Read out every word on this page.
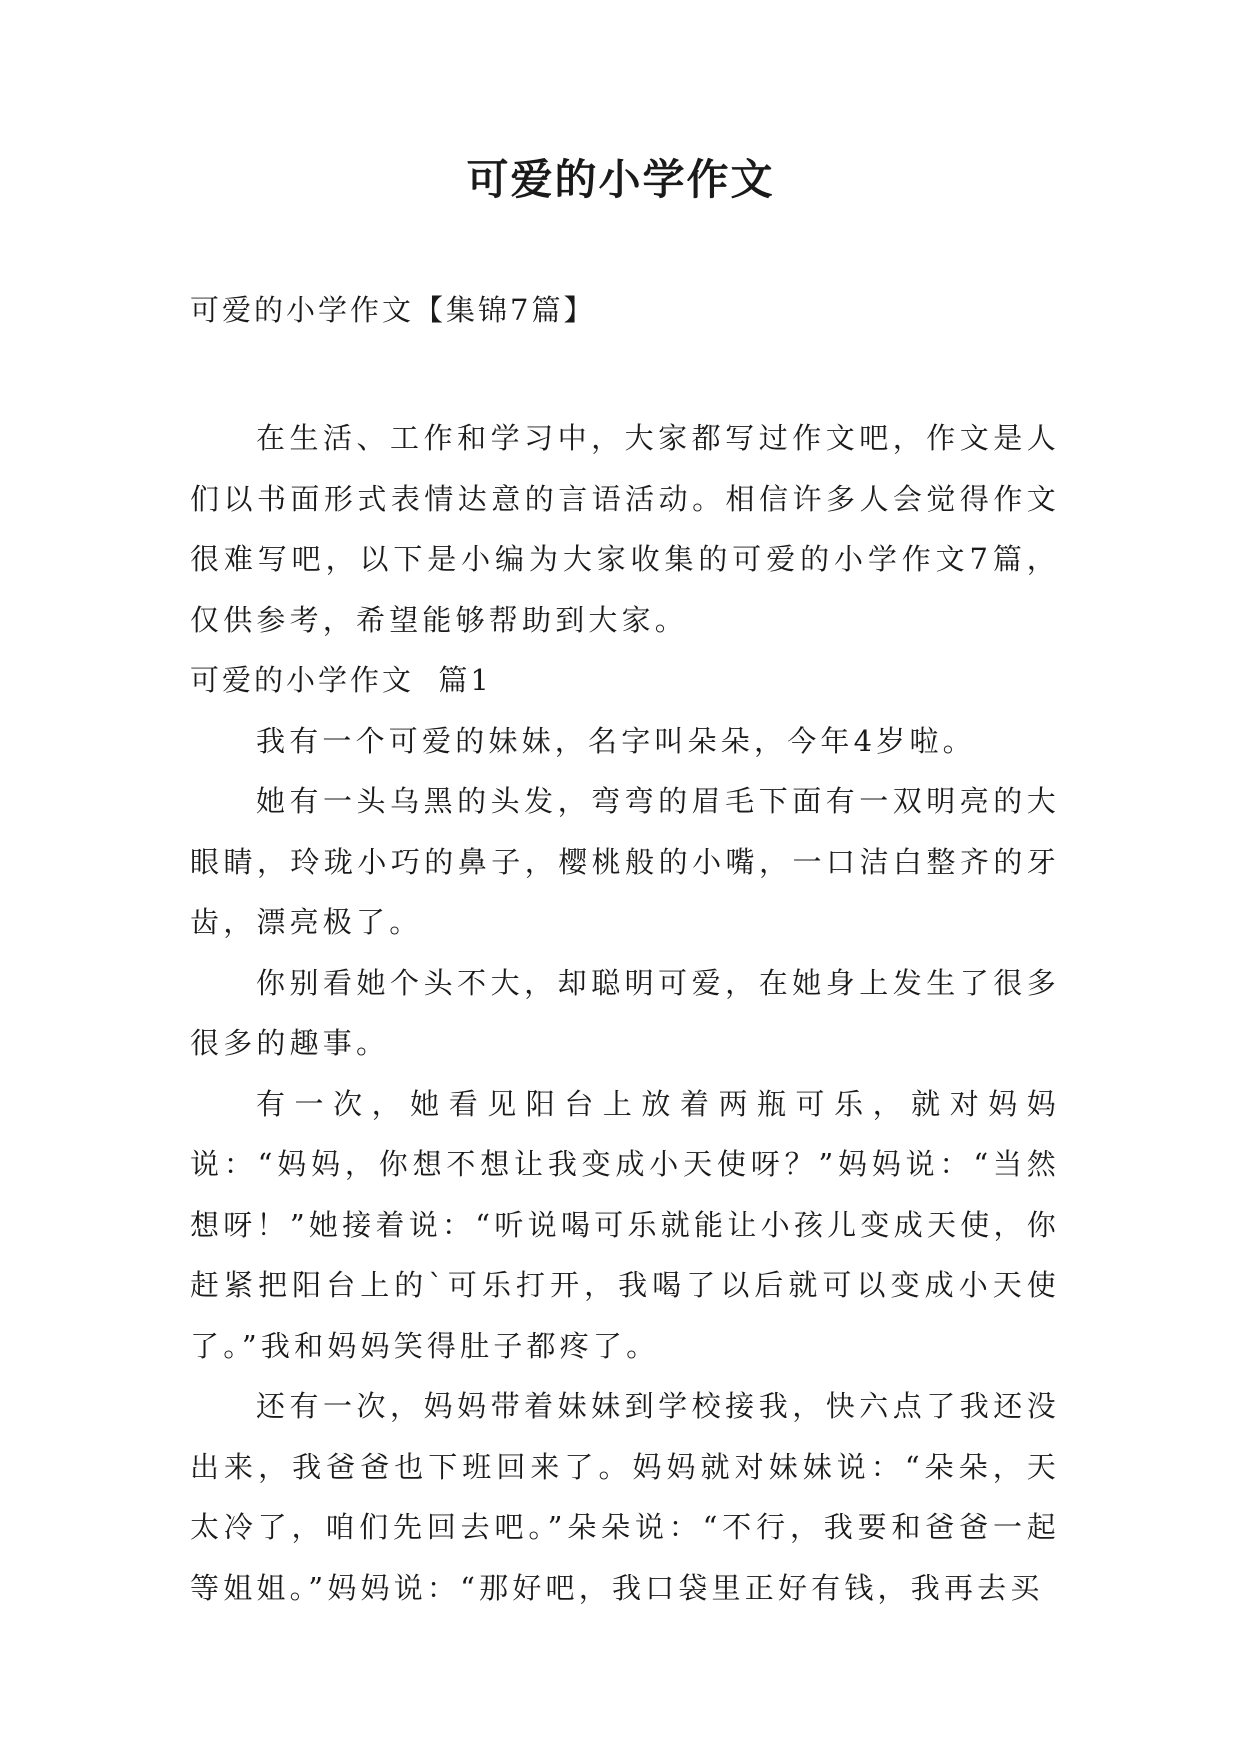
可爱的小学作文

可爱的小学作文【集锦7篇】

在生活、工作和学习中，大家都写过作文吧，作文是人们以书面形式表情达意的言语活动。相信许多人会觉得作文很难写吧，以下是小编为大家收集的可爱的小学作文7篇，仅供参考，希望能够帮助到大家。

可爱的小学作文  篇1

我有一个可爱的妹妹，名字叫朵朵，今年4岁啦。

她有一头乌黑的头发，弯弯的眉毛下面有一双明亮的大眼睛，玲珑小巧的鼻子，樱桃般的小嘴，一口洁白整齐的牙齿，漂亮极了。

你别看她个头不大，却聪明可爱，在她身上发生了很多很多的趣事。

有一次，她看见阳台上放着两瓶可乐，就对妈妈说：“妈妈，你想不想让我变成小天使呀？”妈妈说：“当然想呀！”她接着说：“听说喝可乐就能让小孩儿变成天使，你赶紧把阳台上的`可乐打开，我喝了以后就可以变成小天使了。”我和妈妈笑得肚子都疼了。

还有一次，妈妈带着妹妹到学校接我，快六点了我还没出来，我爸爸也下班回来了。妈妈就对妹妹说：“朵朵，天太冷了，咱们先回去吧。”朵朵说：“不行，我要和爸爸一起等姐姐。”妈妈说：“那好吧，我口袋里正好有钱，我再去买
